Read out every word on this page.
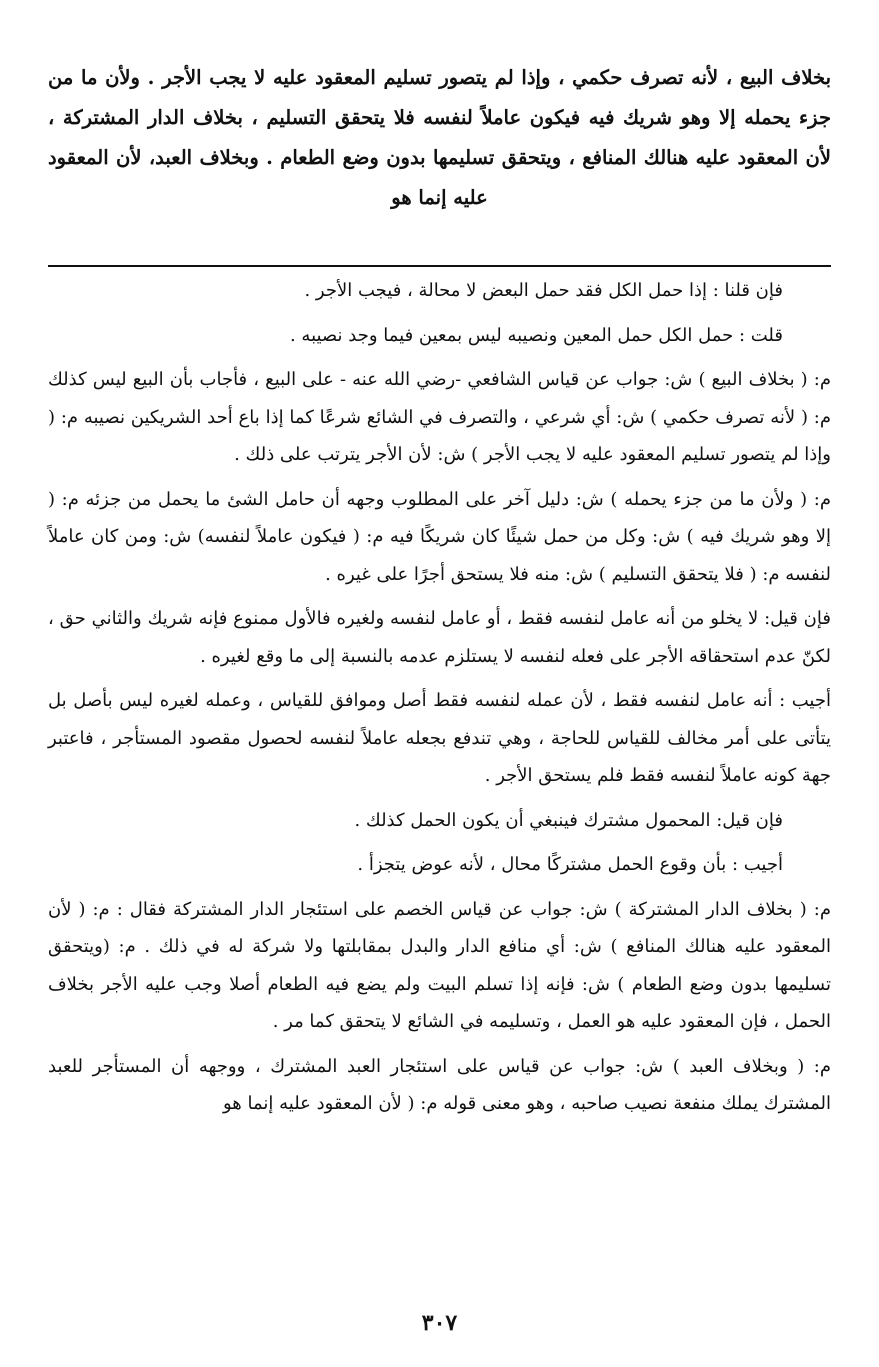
بخلاف البيع ، لأنه تصرف حكمي ، وإذا لم يتصور تسليم المعقود عليه لا يجب الأجر . ولأن ما من جزء يحمله إلا وهو شريك فيه فيكون عاملاً لنفسه فلا يتحقق التسليم ، بخلاف الدار المشتركة ، لأن المعقود عليه هنالك المنافع ، ويتحقق تسليمها بدون وضع الطعام . وبخلاف العبد، لأن المعقود عليه إنما هو

فإن قلنا : إذا حمل الكل فقد حمل البعض لا محالة ، فيجب الأجر .

قلت : حمل الكل حمل المعين ونصيبه ليس بمعين فيما وجد نصيبه .

م: ( بخلاف البيع ) ش: جواب عن قياس الشافعي -رضي الله عنه - على البيع ، فأجاب بأن البيع ليس كذلك م: ( لأنه تصرف حكمي ) ش: أي شرعي ، والتصرف في الشائع شرعًا كما إذا باع أحد الشريكين نصيبه م: ( وإذا لم يتصور تسليم المعقود عليه لا يجب الأجر ) ش: لأن الأجر يترتب على ذلك .

م: ( ولأن ما من جزء يحمله ) ش: دليل آخر على المطلوب وجهه أن حامل الشئ ما يحمل من جزئه م: ( إلا وهو شريك فيه ) ش: وكل من حمل شيئًا كان شريكًا فيه م: ( فيكون عاملاً لنفسه) ش: ومن كان عاملاً لنفسه م: ( فلا يتحقق التسليم ) ش: منه فلا يستحق أجرًا على غيره .

فإن قيل: لا يخلو من أنه عامل لنفسه فقط ، أو عامل لنفسه ولغيره فالأول ممنوع فإنه شريك والثاني حق ، لكنّ عدم استحقاقه الأجر على فعله لنفسه لا يستلزم عدمه بالنسبة إلى ما وقع لغيره .

أجيب : أنه عامل لنفسه فقط ، لأن عمله لنفسه فقط أصل وموافق للقياس ، وعمله لغيره ليس بأصل بل يتأتى على أمر مخالف للقياس للحاجة ، وهي تندفع بجعله عاملاً لنفسه لحصول مقصود المستأجر ، فاعتبر جهة كونه عاملاً لنفسه فقط فلم يستحق الأجر .

فإن قيل: المحمول مشترك فينبغي أن يكون الحمل كذلك .

أجيب : بأن وقوع الحمل مشتركًا محال ، لأنه عوض يتجزأ .

م: ( بخلاف الدار المشتركة ) ش: جواب عن قياس الخصم على استئجار الدار المشتركة فقال : م: ( لأن المعقود عليه هنالك المنافع ) ش: أي منافع الدار والبدل بمقابلتها ولا شركة له في ذلك . م: (ويتحقق تسليمها بدون وضع الطعام ) ش: فإنه إذا تسلم البيت ولم يضع فيه الطعام أصلا وجب عليه الأجر بخلاف الحمل ، فإن المعقود عليه هو العمل ، وتسليمه في الشائع لا يتحقق كما مر .

م: ( وبخلاف العبد ) ش: جواب عن قياس على استئجار العبد المشترك ، ووجهه أن المستأجر للعبد المشترك يملك منفعة نصيب صاحبه ، وهو معنى قوله م: ( لأن المعقود عليه إنما هو

٣٠٧
